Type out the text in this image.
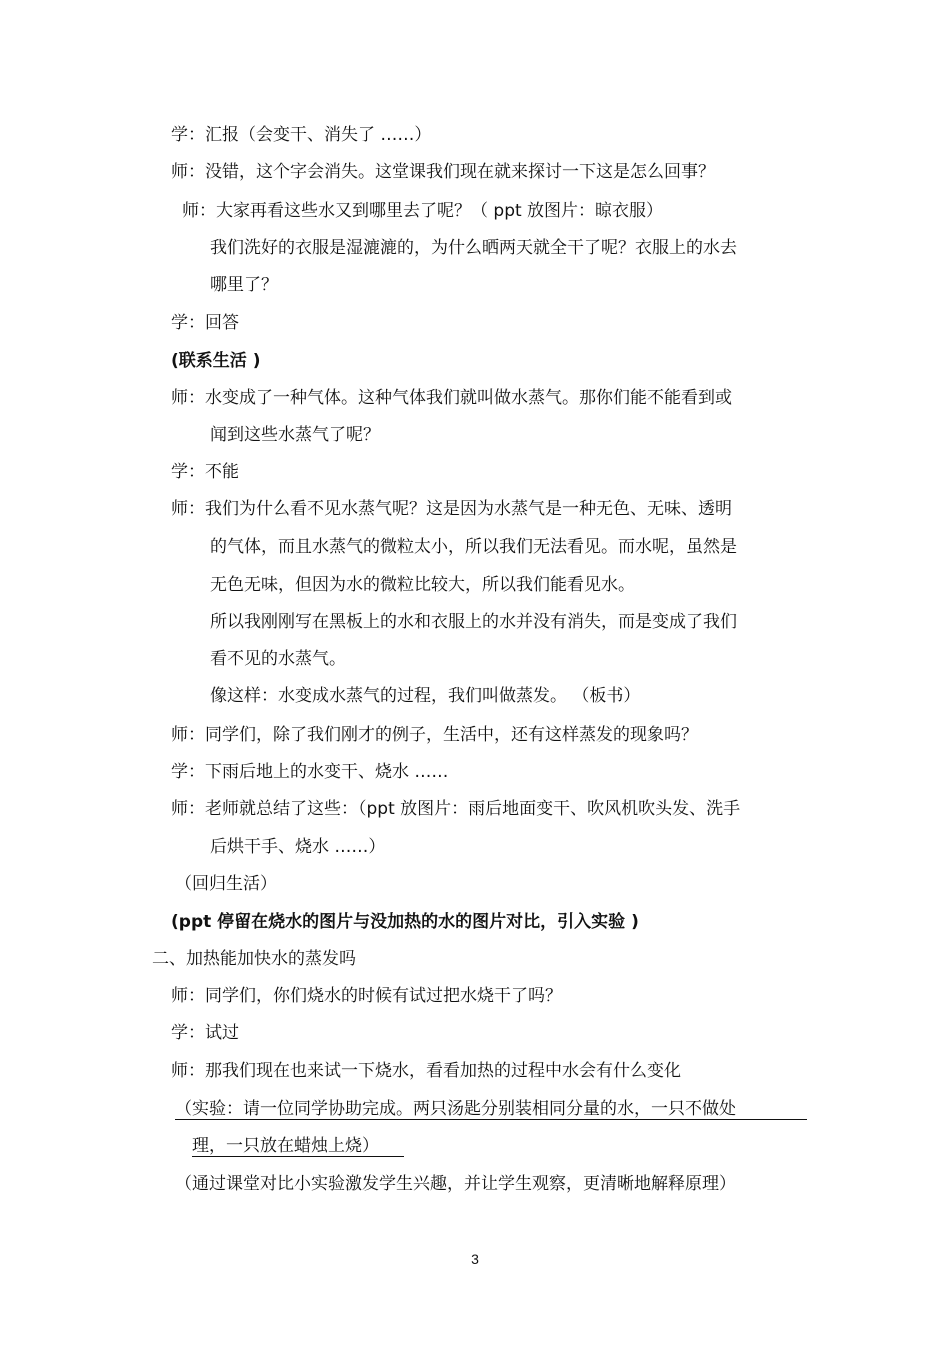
学：汇报（会变干、消失了 ……）
师：没错，这个字会消失。这堂课我们现在就来探讨一下这是怎么回事？
师：大家再看这些水又到哪里去了呢？（ ppt 放图片：晾衣服）
我们洗好的衣服是湿漉漉的，为什么晒两天就全干了呢？衣服上的水去
哪里了？
学：回答
(联系生活 )
师：水变成了一种气体。这种气体我们就叫做水蒸气。那你们能不能看到或
闻到这些水蒸气了呢？
学：不能
师：我们为什么看不见水蒸气呢？这是因为水蒸气是一种无色、无味、透明
的气体，而且水蒸气的微粒太小，所以我们无法看见。而水呢，虽然是
无色无味，但因为水的微粒比较大，所以我们能看见水。
所以我刚刚写在黑板上的水和衣服上的水并没有消失，而是变成了我们
看不见的水蒸气。
像这样：水变成水蒸气的过程，我们叫做蒸发。 （板书）
师：同学们，除了我们刚才的例子，生活中，还有这样蒸发的现象吗？
学：下雨后地上的水变干、烧水 ……
师：老师就总结了这些：（ppt 放图片：雨后地面变干、吹风机吹头发、洗手
后烘干手、烧水 ……）
（回归生活）
(ppt 停留在烧水的图片与没加热的水的图片对比，引入实验 )
二、加热能加快水的蒸发吗
师：同学们，你们烧水的时候有试过把水烧干了吗？
学：试过
师：那我们现在也来试一下烧水，看看加热的过程中水会有什么变化
（实验：请一位同学协助完成。两只汤匙分别装相同分量的水，一只不做处
理，一只放在蜡烛上烧）
（通过课堂对比小实验激发学生兴趣，并让学生观察，更清晰地解释原理）
3
